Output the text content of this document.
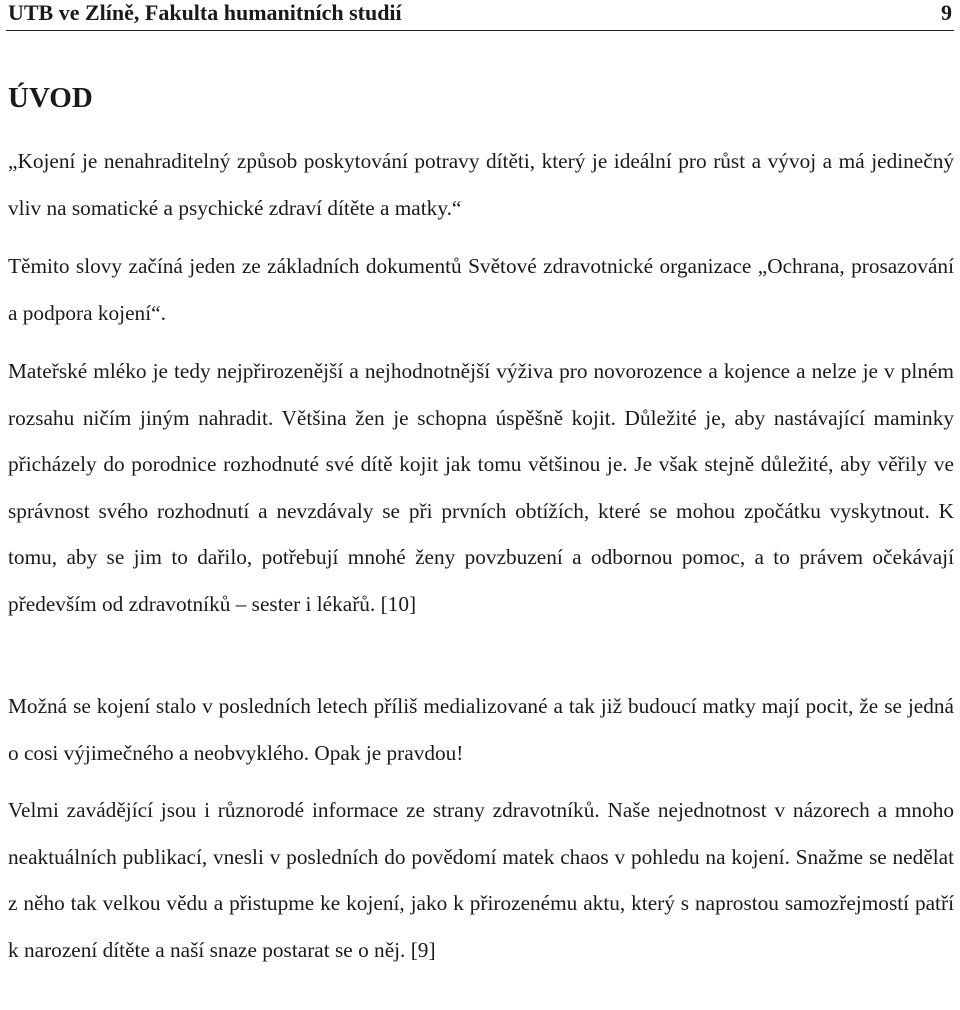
UTB ve Zlíně, Fakulta humanitních studií	9
ÚVOD

„Kojení je nenahraditelný způsob poskytování potravy dítěti, který je ideální pro růst a vývoj a má jedinečný vliv na somatické a psychické zdraví dítěte a matky.“

Těmito slovy začíná jeden ze základních dokumentů Světové zdravotnické organizace „Ochrana, prosazování a podpora kojení“.

Mateřské mléko je tedy nejpřirozenější a nejhodnotnější výživa pro novorozence a kojence a nelze je v plném rozsahu ničím jiným nahradit. Většina žen je schopna úspěšně kojit. Důležité je, aby nastávající maminky přicházely do porodnice rozhodnuté své dítě kojit jak tomu většinou je. Je však stejně důležité, aby věřily ve správnost svého rozhodnutí a nevzdávaly se při prvních obtížích, které se mohou zpočátku vyskytnout. K tomu, aby se jim to dařilo, potřebují mnohé ženy povzbuzení a odbornou pomoc, a to právem očekávají především od zdravotníků – sester i lékařů. [10]

Možná se kojení stalo v posledních letech příliš medializované a tak již budoucí matky mají pocit, že se jedná o cosi výjimečného a neobvyklého. Opak je pravdou!

Velmi zavádějící jsou i různorodé informace ze strany zdravotníků. Naše nejednotnost v názorech a mnoho neaktuálních publikací, vnesli v posledních do povědomí matek chaos v pohledu na kojení. Snažme se nedělat z něho tak velkou vědu a přistupme ke kojení, jako k přirozenému aktu, který s naprostou samozřejmostí patří k narození dítěte a naší snaze postarat se o něj. [9]
